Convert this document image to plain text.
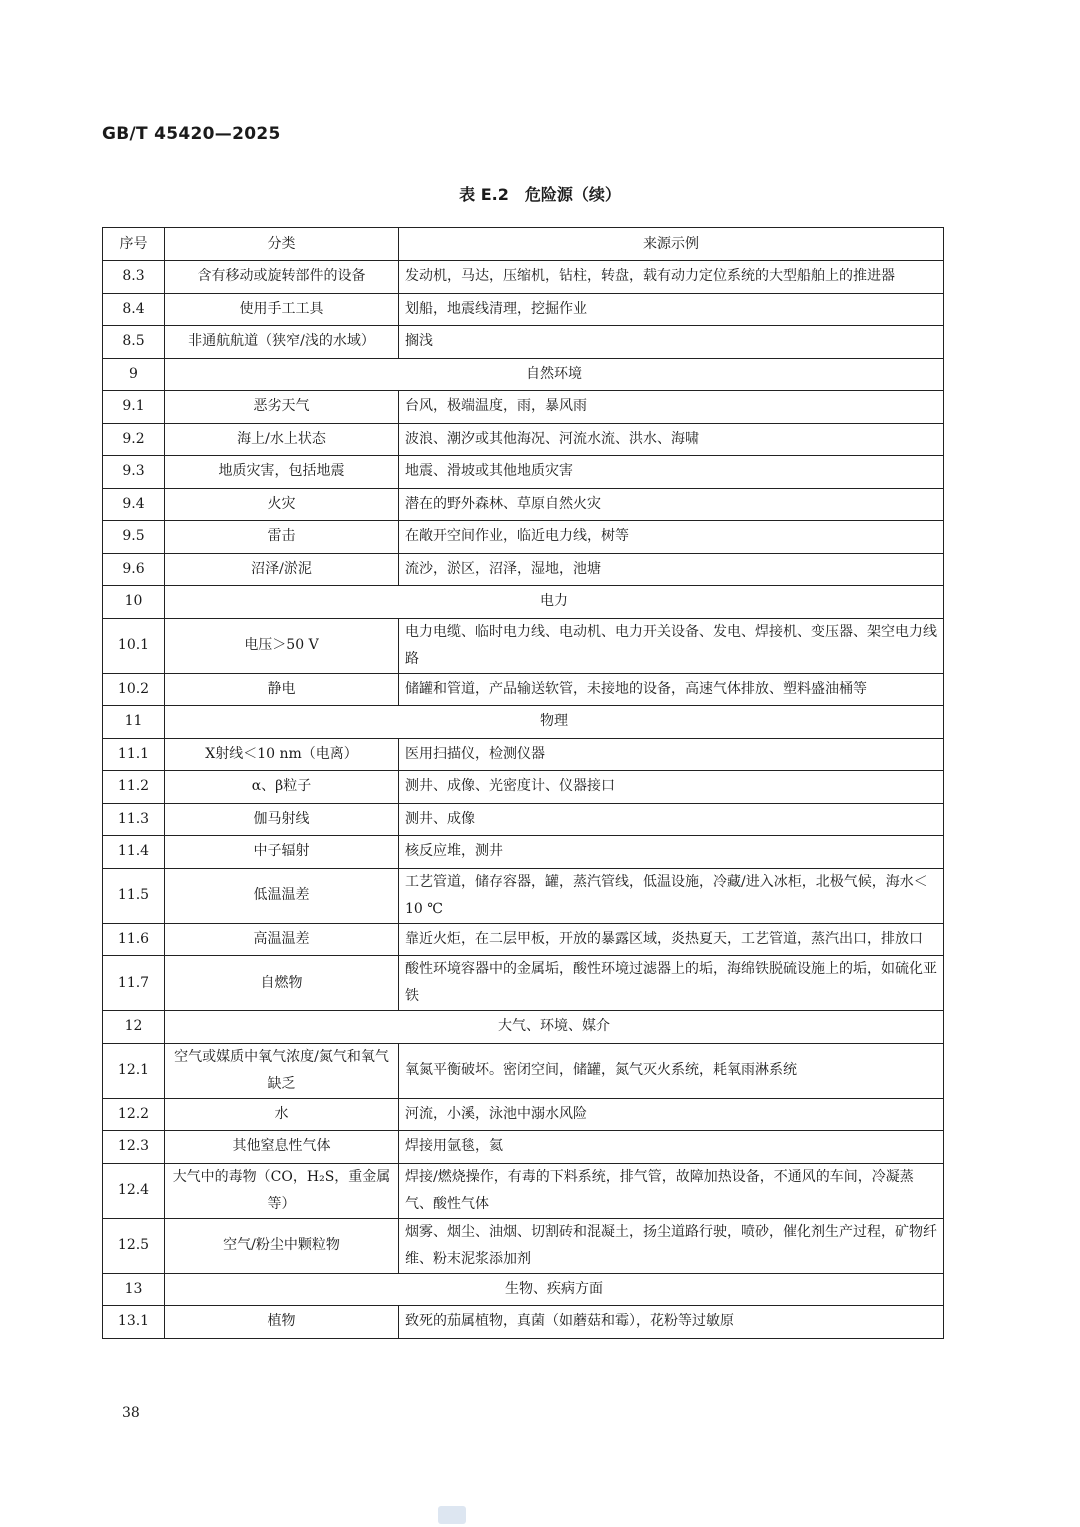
GB/T 45420—2025
表 E.2　危险源（续）
序号	分类	来源示例
8.3	含有移动或旋转部件的设备	发动机，马达，压缩机，钻柱，转盘，载有动力定位系统的大型船舶上的推进器
8.4	使用手工工具	划船，地震线清理，挖掘作业
8.5	非通航航道（狭窄/浅的水域）	搁浅
9	自然环境	
9.1	恶劣天气	台风，极端温度，雨，暴风雨
9.2	海上/水上状态	波浪、潮汐或其他海况、河流水流、洪水、海啸
9.3	地质灾害，包括地震	地震、滑坡或其他地质灾害
9.4	火灾	潜在的野外森林、草原自然火灾
9.5	雷击	在敞开空间作业，临近电力线，树等
9.6	沼泽/淤泥	流沙，淤区，沼泽，湿地，池塘
10	电力	
10.1	电压＞50 V	电力电缆、临时电力线、电动机、电力开关设备、发电、焊接机、变压器、架空电力线路
10.2	静电	储罐和管道，产品输送软管，未接地的设备，高速气体排放、塑料盛油桶等
11	物理	
11.1	X射线＜10 nm（电离）	医用扫描仪，检测仪器
11.2	α、β粒子	测井、成像、光密度计、仪器接口
11.3	伽马射线	测井、成像
11.4	中子辐射	核反应堆，测井
11.5	低温温差	工艺管道，储存容器，罐，蒸汽管线，低温设施，冷藏/进入冰柜，北极气候，海水＜10 ℃
11.6	高温温差	靠近火炬，在二层甲板，开放的暴露区域，炎热夏天，工艺管道，蒸汽出口，排放口
11.7	自燃物	酸性环境容器中的金属垢，酸性环境过滤器上的垢，海绵铁脱硫设施上的垢，如硫化亚铁
12	大气、环境、媒介	
12.1	空气或媒质中氧气浓度/氮气和氧气缺乏	氧氮平衡破坏。密闭空间，储罐，氮气灭火系统，耗氧雨淋系统
12.2	水	河流，小溪，泳池中溺水风险
12.3	其他窒息性气体	焊接用氩毯，氦
12.4	大气中的毒物（CO，H₂S，重金属等）	焊接/燃烧操作，有毒的下料系统，排气管，故障加热设备，不通风的车间，冷凝蒸气、酸性气体
12.5	空气/粉尘中颗粒物	烟雾、烟尘、油烟、切割砖和混凝土，扬尘道路行驶，喷砂，催化剂生产过程，矿物纤维、粉末泥浆添加剂
13	生物、疾病方面	
13.1	植物	致死的茄属植物，真菌（如蘑菇和霉），花粉等过敏原
38
